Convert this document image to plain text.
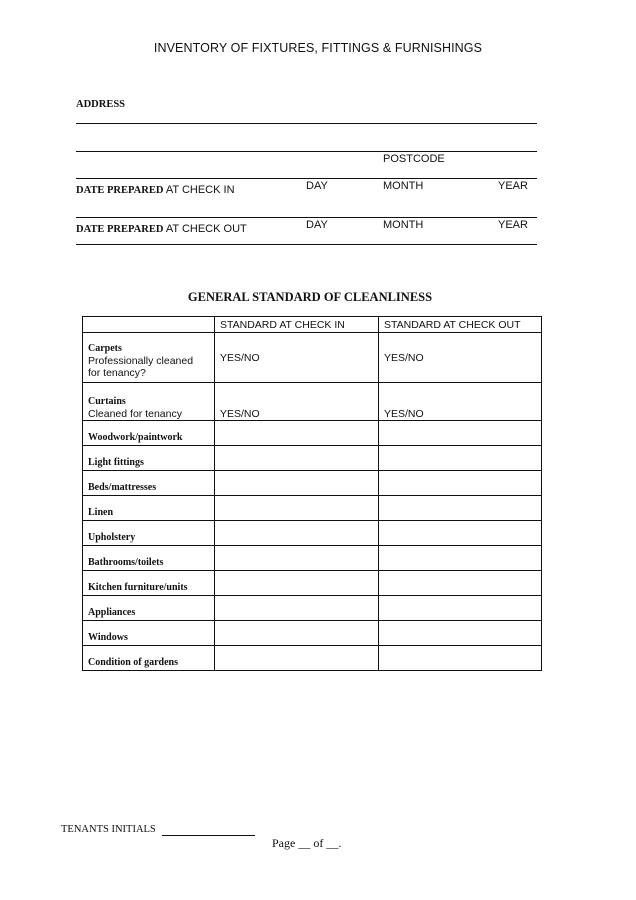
INVENTORY OF FIXTURES, FITTINGS & FURNISHINGS
ADDRESS
POSTCODE
DATE PREPARED AT CHECK IN	DAY	MONTH	YEAR
DATE PREPARED AT CHECK OUT	DAY	MONTH	YEAR
GENERAL STANDARD OF CLEANLINESS
	STANDARD AT CHECK IN	STANDARD AT CHECK OUT

Carpets
Professionally cleaned
for tenancy?	YES/NO	YES/NO

Curtains
Cleaned for tenancy	YES/NO	YES/NO

Woodwork/paintwork		

Light fittings		

Beds/mattresses		

Linen		

Upholstery		

Bathrooms/toilets		

Kitchen furniture/units		

Appliances		

Windows		

Condition of gardens		

TENANTS INITIALS
Page __ of __.
